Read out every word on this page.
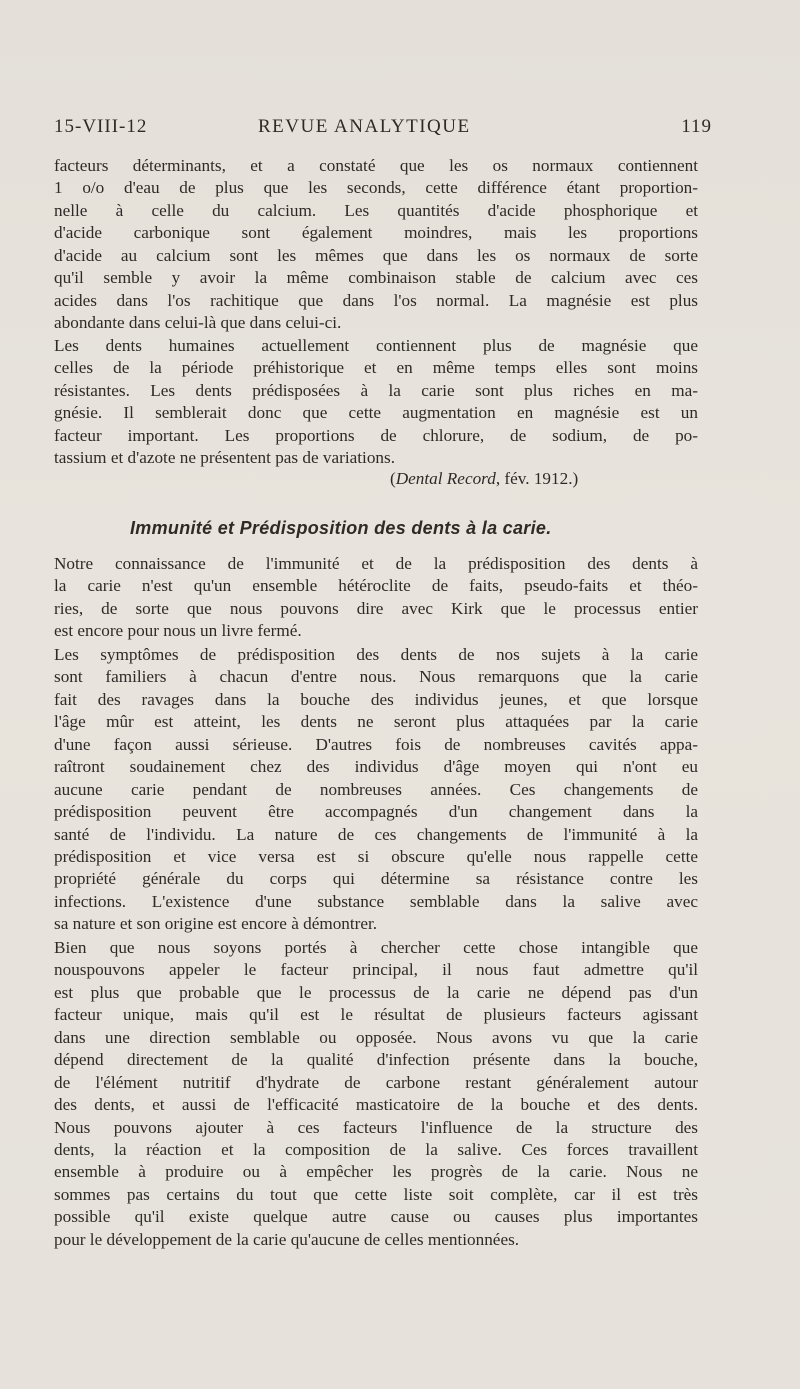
15-VIII-12	REVUE ANALYTIQUE	119
facteurs déterminants, et a constaté que les os normaux contiennent
1 o/o d'eau de plus que les seconds, cette différence étant proportion-
nelle à celle du calcium. Les quantités d'acide phosphorique et
d'acide carbonique sont également moindres, mais les proportions
d'acide au calcium sont les mêmes que dans les os normaux de sorte
qu'il semble y avoir la même combinaison stable de calcium avec ces
acides dans l'os rachitique que dans l'os normal. La magnésie est plus
abondante dans celui-là que dans celui-ci.
Les dents humaines actuellement contiennent plus de magnésie que
celles de la période préhistorique et en même temps elles sont moins
résistantes. Les dents prédisposées à la carie sont plus riches en ma-
gnésie. Il semblerait donc que cette augmentation en magnésie est un
facteur important. Les proportions de chlorure, de sodium, de po-
tassium et d'azote ne présentent pas de variations.
(Dental Record, fév. 1912.)
Immunité et Prédisposition des dents à la carie.
Notre connaissance de l'immunité et de la prédisposition des dents à
la carie n'est qu'un ensemble hétéroclite de faits, pseudo-faits et théo-
ries, de sorte que nous pouvons dire avec Kirk que le processus entier
est encore pour nous un livre fermé.
Les symptômes de prédisposition des dents de nos sujets à la carie
sont familiers à chacun d'entre nous. Nous remarquons que la carie
fait des ravages dans la bouche des individus jeunes, et que lorsque
l'âge mûr est atteint, les dents ne seront plus attaquées par la carie
d'une façon aussi sérieuse. D'autres fois de nombreuses cavités appa-
raîtront soudainement chez des individus d'âge moyen qui n'ont eu
aucune carie pendant de nombreuses années. Ces changements de
prédisposition peuvent être accompagnés d'un changement dans la
santé de l'individu. La nature de ces changements de l'immunité à la
prédisposition et vice versa est si obscure qu'elle nous rappelle cette
propriété générale du corps qui détermine sa résistance contre les
infections. L'existence d'une substance semblable dans la salive avec
sa nature et son origine est encore à démontrer.
Bien que nous soyons portés à chercher cette chose intangible que
nouspouvons appeler le facteur principal, il nous faut admettre qu'il
est plus que probable que le processus de la carie ne dépend pas d'un
facteur unique, mais qu'il est le résultat de plusieurs facteurs agissant
dans une direction semblable ou opposée. Nous avons vu que la carie
dépend directement de la qualité d'infection présente dans la bouche,
de l'élément nutritif d'hydrate de carbone restant généralement autour
des dents, et aussi de l'efficacité masticatoire de la bouche et des dents.
Nous pouvons ajouter à ces facteurs l'influence de la structure des
dents, la réaction et la composition de la salive. Ces forces travaillent
ensemble à produire ou à empêcher les progrès de la carie. Nous ne
sommes pas certains du tout que cette liste soit complète, car il est très
possible qu'il existe quelque autre cause ou causes plus importantes
pour le développement de la carie qu'aucune de celles mentionnées.
